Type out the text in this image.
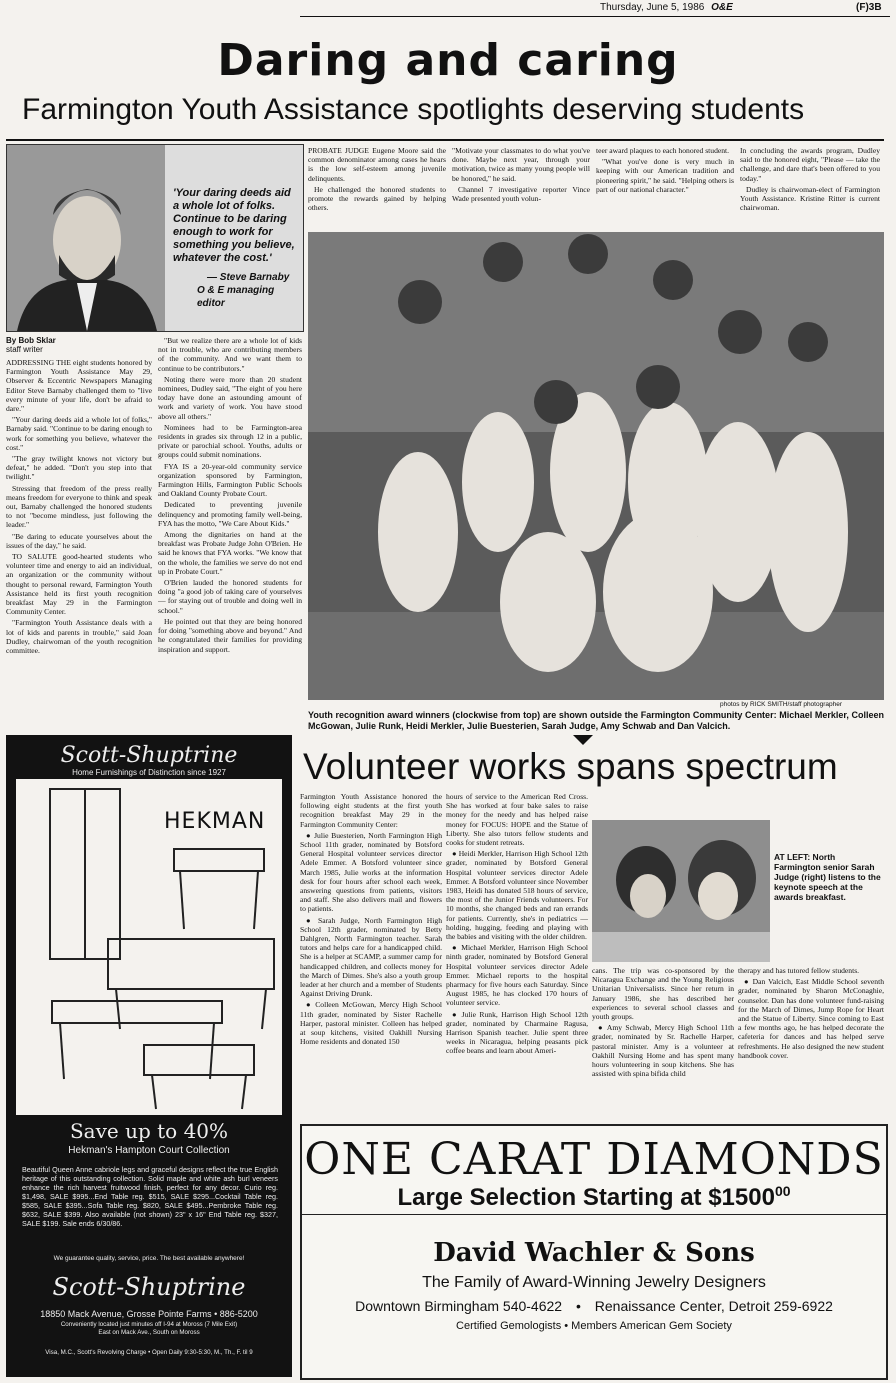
Thursday, June 5, 1986 O&E	(F)3B
Daring and caring
Farmington Youth Assistance spotlights deserving students
'Your daring deeds aid a whole lot of folks. Continue to be daring enough to work for something you believe, whatever the cost.'
— Steve Barnaby
O & E managing editor
By Bob Sklar
staff writer

ADDRESSING THE eight students honored by Farmington Youth Assistance May 29, Observer & Eccentric Newspapers Managing Editor Steve Barnaby challenged them to "live every minute of your life, don't be afraid to dare."

"Your daring deeds aid a whole lot of folks," Barnaby said. "Continue to be daring enough to work for something you believe, whatever the cost."

"The gray twilight knows not victory but defeat," he added. "Don't you step into that twilight."

Stressing that freedom of the press really means freedom for everyone to think and speak out, Barnaby challenged the honored students to not "become mindless, just following the leader."

"Be daring to educate yourselves about the issues of the day," he said.

TO SALUTE good-hearted students who volunteer time and energy to aid an individual, an organization or the community without thought to personal reward, Farmington Youth Assistance held its first youth recognition breakfast May 29 in the Farmington Community Center.

"Farmington Youth Assistance deals with a lot of kids and parents in trouble," said Joan Dudley, chairwoman of the youth recognition committee.

"But we realize there are a whole lot of kids not in trouble, who are contributing members of the community. And we want them to continue to be contributors."

Noting there were more than 20 student nominees, Dudley said, "The eight of you here today have done an astounding amount of work and variety of work. You have stood above all others."

Nominees had to be Farmington-area residents in grades six through 12 in a public, private or parochial school. Youths, adults or groups could submit nominations.

FYA IS a 20-year-old community service organization sponsored by Farmington, Farmington Hills, Farmington Public Schools and Oakland County Probate Court.

Dedicated to preventing juvenile delinquency and promoting family well-being, FYA has the motto, "We Care About Kids."

Among the dignitaries on hand at the breakfast was Probate Judge John O'Brien. He said he knows that FYA works. "We know that on the whole, the families we serve do not end up in Probate Court."

O'Brien lauded the honored students for doing "a good job of taking care of yourselves — for staying out of trouble and doing well in school."

He pointed out that they are being honored for doing "something above and beyond." And he congratulated their families for providing inspiration and support.

PROBATE JUDGE Eugene Moore said the common denominator among cases he hears is the low self-esteem among juvenile delinquents.

He challenged the honored students to promote the rewards gained by helping others.

"Motivate your classmates to do what you've done. Maybe next year, through your motivation, twice as many young people will be honored," he said.

Channel 7 investigative reporter Vince Wade presented youth volun-

teer award plaques to each honored student.

"What you've done is very much in keeping with our American tradition and pioneering spirit," he said. "Helping others is part of our national character."

In concluding the awards program, Dudley said to the honored eight, "Please — take the challenge, and dare that's been offered to you today."

Dudley is chairwoman-elect of Farmington Youth Assistance. Kristine Ritter is current chairwoman.

photos by RICK SMITH/staff photographer
Youth recognition award winners (clockwise from top) are shown outside the Farmington Community Center: Michael Merkler, Colleen McGowan, Julie Runk, Heidi Merkler, Julie Buesterien, Sarah Judge, Amy Schwab and Dan Valcich.
Scott-Shuptrine
Home Furnishings of Distinction since 1927
HEKMAN
Save up to 40%
Hekman's Hampton Court Collection
Beautiful Queen Anne cabriole legs and graceful designs reflect the true English heritage of this outstanding collection. Solid maple and white ash burl veneers enhance the rich harvest fruitwood finish, perfect for any decor. Curio reg. $1,498, SALE $995...End Table reg. $515, SALE $295...Cocktail Table reg. $585, SALE $395...Sofa Table reg. $820, SALE $495...Pembroke Table reg. $632, SALE $399. Also available (not shown) 23" x 16" End Table reg. $327, SALE $199. Sale ends 6/30/86.
We guarantee quality, service, price. The best available anywhere!
Scott-Shuptrine
18850 Mack Avenue, Grosse Pointe Farms • 886-5200
Conveniently located just minutes off I-94 at Moross (7 Mile Exit)
East on Mack Ave., South on Moross
Visa, M.C., Scott's Revolving Charge • Open Daily 9:30-5:30, M., Th., F. til 9
Volunteer works spans spectrum

Farmington Youth Assistance honored the following eight students at the first youth recognition breakfast May 29 in the Farmington Community Center:

● Julie Buesterien, North Farmington High School 11th grader, nominated by Botsford General Hospital volunteer services director Adele Emmer. A Botsford volunteer since March 1985, Julie works at the information desk for four hours after school each week, answering questions from patients, visitors and staff. She also delivers mail and flowers to patients.

● Sarah Judge, North Farmington High School 12th grader, nominated by Betty Dahlgren, North Farmington teacher. Sarah tutors and helps care for a handicapped child. She is a helper at SCAMP, a summer camp for handicapped children, and collects money for the March of Dimes. She's also a youth group leader at her church and a member of Students Against Driving Drunk.

● Colleen McGowan, Mercy High School 11th grader, nominated by Sister Rachelle Harper, pastoral minister. Colleen has helped at soup kitchens, visited Oakhill Nursing Home residents and donated 150

hours of service to the American Red Cross. She has worked at four bake sales to raise money for the needy and has helped raise money for FOCUS: HOPE and the Statue of Liberty. She also tutors fellow students and cooks for student retreats.

● Heidi Merkler, Harrison High School 12th grader, nominated by Botsford General Hospital volunteer services director Adele Emmer. A Botsford volunteer since November 1983, Heidi has donated 518 hours of service, the most of the Junior Friends volunteers. For 10 months, she changed beds and ran errands for patients. Currently, she's in pediatrics — holding, hugging, feeding and playing with the babies and visiting with the older children.

● Michael Merkler, Harrison High School ninth grader, nominated by Botsford General Hospital volunteer services director Adele Emmer. Michael reports to the hospital pharmacy for five hours each Saturday. Since August 1985, he has clocked 170 hours of volunteer service.

● Julie Runk, Harrison High School 12th grader, nominated by Charmaine Ragusa, Harrison Spanish teacher. Julie spent three weeks in Nicaragua, helping peasants pick coffee beans and learn about Ameri-

AT LEFT: North Farmington senior Sarah Judge (right) listens to the keynote speech at the awards breakfast.

cans. The trip was co-sponsored by the Nicaragua Exchange and the Young Religious Unitarian Universalists. Since her return in January 1986, she has described her experiences to several school classes and youth groups.

● Amy Schwab, Mercy High School 11th grader, nominated by Sr. Rachelle Harper, pastoral minister. Amy is a volunteer at Oakhill Nursing Home and has spent many hours volunteering in soup kitchens. She has assisted with spina bifida child

therapy and has tutored fellow students.

● Dan Valcich, East Middle School seventh grader, nominated by Sharon McConaghie, counselor. Dan has done volunteer fund-raising for the March of Dimes, Jump Rope for Heart and the Statue of Liberty. Since coming to East a few months ago, he has helped decorate the cafeteria for dances and has helped serve refreshments. He also designed the new student handbook cover.

ONE CARAT DIAMONDS
Large Selection Starting at $1500$^{00}$
David Wachler & Sons
The Family of Award-Winning Jewelry Designers
Downtown Birmingham 540-4622 • Renaissance Center, Detroit 259-6922
Certified Gemologists • Members American Gem Society
